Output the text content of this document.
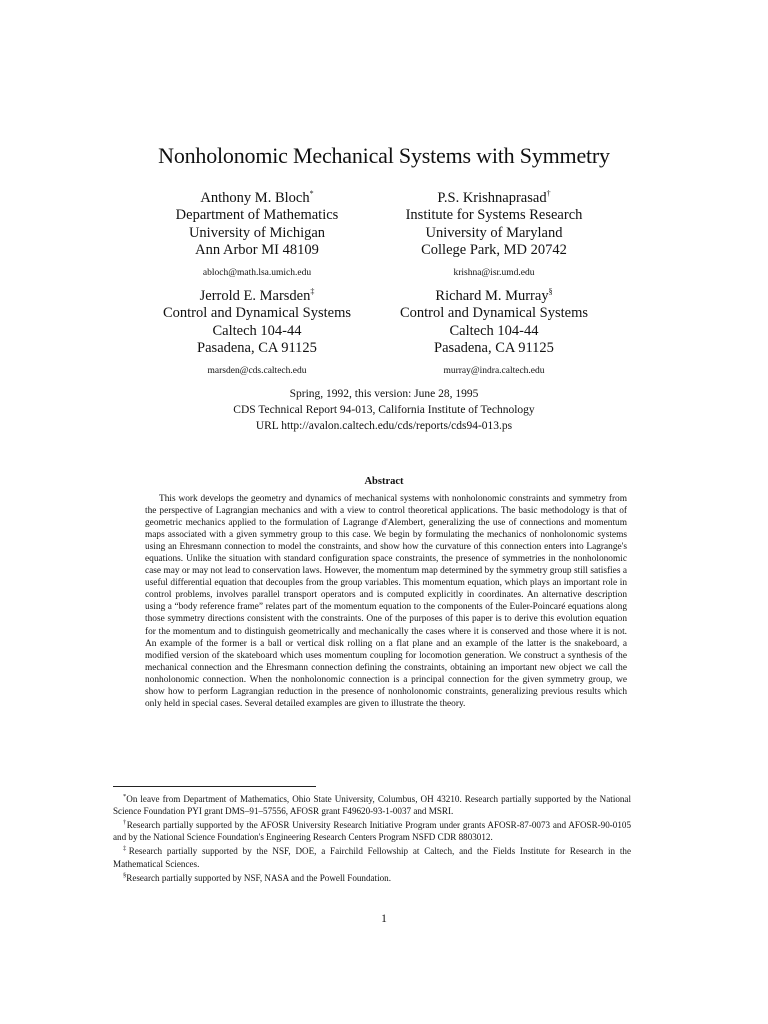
Nonholonomic Mechanical Systems with Symmetry
Anthony M. Bloch*
Department of Mathematics
University of Michigan
Ann Arbor MI 48109
abloch@math.lsa.umich.edu
P.S. Krishnaprasad†
Institute for Systems Research
University of Maryland
College Park, MD 20742
krishna@isr.umd.edu
Jerrold E. Marsden‡
Control and Dynamical Systems
Caltech 104-44
Pasadena, CA 91125
marsden@cds.caltech.edu
Richard M. Murray§
Control and Dynamical Systems
Caltech 104-44
Pasadena, CA 91125
murray@indra.caltech.edu
Spring, 1992, this version: June 28, 1995
CDS Technical Report 94-013, California Institute of Technology
URL http://avalon.caltech.edu/cds/reports/cds94-013.ps
Abstract
This work develops the geometry and dynamics of mechanical systems with nonholonomic constraints and symmetry from the perspective of Lagrangian mechanics and with a view to control theoretical applications. The basic methodology is that of geometric mechanics applied to the formulation of Lagrange d'Alembert, generalizing the use of connections and momentum maps associated with a given symmetry group to this case. We begin by formulating the mechanics of nonholonomic systems using an Ehresmann connection to model the constraints, and show how the curvature of this connection enters into Lagrange's equations. Unlike the situation with standard configuration space constraints, the presence of symmetries in the nonholonomic case may or may not lead to conservation laws. However, the momentum map determined by the symmetry group still satisfies a useful differential equation that decouples from the group variables. This momentum equation, which plays an important role in control problems, involves parallel transport operators and is computed explicitly in coordinates. An alternative description using a “body reference frame” relates part of the momentum equation to the components of the Euler-Poincaré equations along those symmetry directions consistent with the constraints. One of the purposes of this paper is to derive this evolution equation for the momentum and to distinguish geometrically and mechanically the cases where it is conserved and those where it is not. An example of the former is a ball or vertical disk rolling on a flat plane and an example of the latter is the snakeboard, a modified version of the skateboard which uses momentum coupling for locomotion generation. We construct a synthesis of the mechanical connection and the Ehresmann connection defining the constraints, obtaining an important new object we call the nonholonomic connection. When the nonholonomic connection is a principal connection for the given symmetry group, we show how to perform Lagrangian reduction in the presence of nonholonomic constraints, generalizing previous results which only held in special cases. Several detailed examples are given to illustrate the theory.

*On leave from Department of Mathematics, Ohio State University, Columbus, OH 43210. Research partially supported by the National Science Foundation PYI grant DMS–91–57556, AFOSR grant F49620-93-1-0037 and MSRI.

†Research partially supported by the AFOSR University Research Initiative Program under grants AFOSR-87-0073 and AFOSR-90-0105 and by the National Science Foundation's Engineering Research Centers Program NSFD CDR 8803012.

‡Research partially supported by the NSF, DOE, a Fairchild Fellowship at Caltech, and the Fields Institute for Research in the Mathematical Sciences.

§Research partially supported by NSF, NASA and the Powell Foundation.

1
